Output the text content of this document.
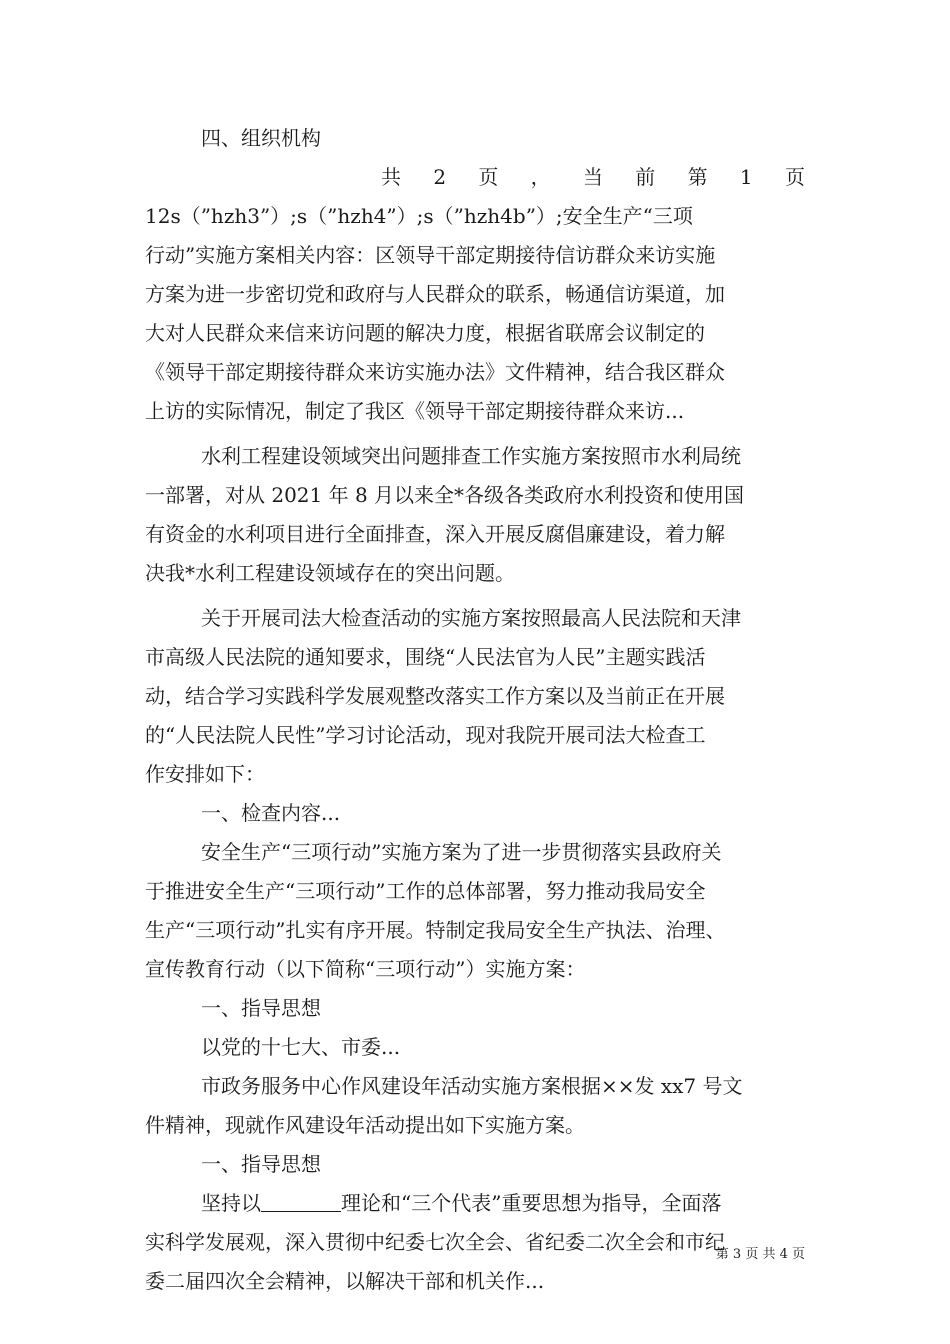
四、组织机构
共 2 页 ， 当 前 第 1 页
12s（”hzh3”）;s（”hzh4”）;s（”hzh4b”）;安全生产“三项
行动”实施方案相关内容：区领导干部定期接待信访群众来访实施
方案为进一步密切党和政府与人民群众的联系，畅通信访渠道，加
大对人民群众来信来访问题的解决力度，根据省联席会议制定的
《领导干部定期接待群众来访实施办法》文件精神，结合我区群众
上访的实际情况，制定了我区《领导干部定期接待群众来访...
水利工程建设领域突出问题排查工作实施方案按照市水利局统
一部署，对从 2021 年 8 月以来全*各级各类政府水利投资和使用国
有资金的水利项目进行全面排查，深入开展反腐倡廉建设，着力解
决我*水利工程建设领域存在的突出问题。
关于开展司法大检查活动的实施方案按照最高人民法院和天津
市高级人民法院的通知要求，围绕“人民法官为人民”主题实践活
动，结合学习实践科学发展观整改落实工作方案以及当前正在开展
的“人民法院人民性”学习讨论活动，现对我院开展司法大检查工
作安排如下：
一、检查内容...
安全生产“三项行动”实施方案为了进一步贯彻落实县政府关
于推进安全生产“三项行动”工作的总体部署，努力推动我局安全
生产“三项行动”扎实有序开展。特制定我局安全生产执法、治理、
宣传教育行动（以下简称“三项行动”）实施方案：
一、指导思想
以党的十七大、市委...
市政务服务中心作风建设年活动实施方案根据××发 xx7 号文
件精神，现就作风建设年活动提出如下实施方案。
一、指导思想
坚持以	理论和“三个代表”重要思想为指导，全面落
实科学发展观，深入贯彻中纪委七次全会、省纪委二次全会和市纪
委二届四次全会精神，以解决干部和机关作...
第 3 页 共 4 页
